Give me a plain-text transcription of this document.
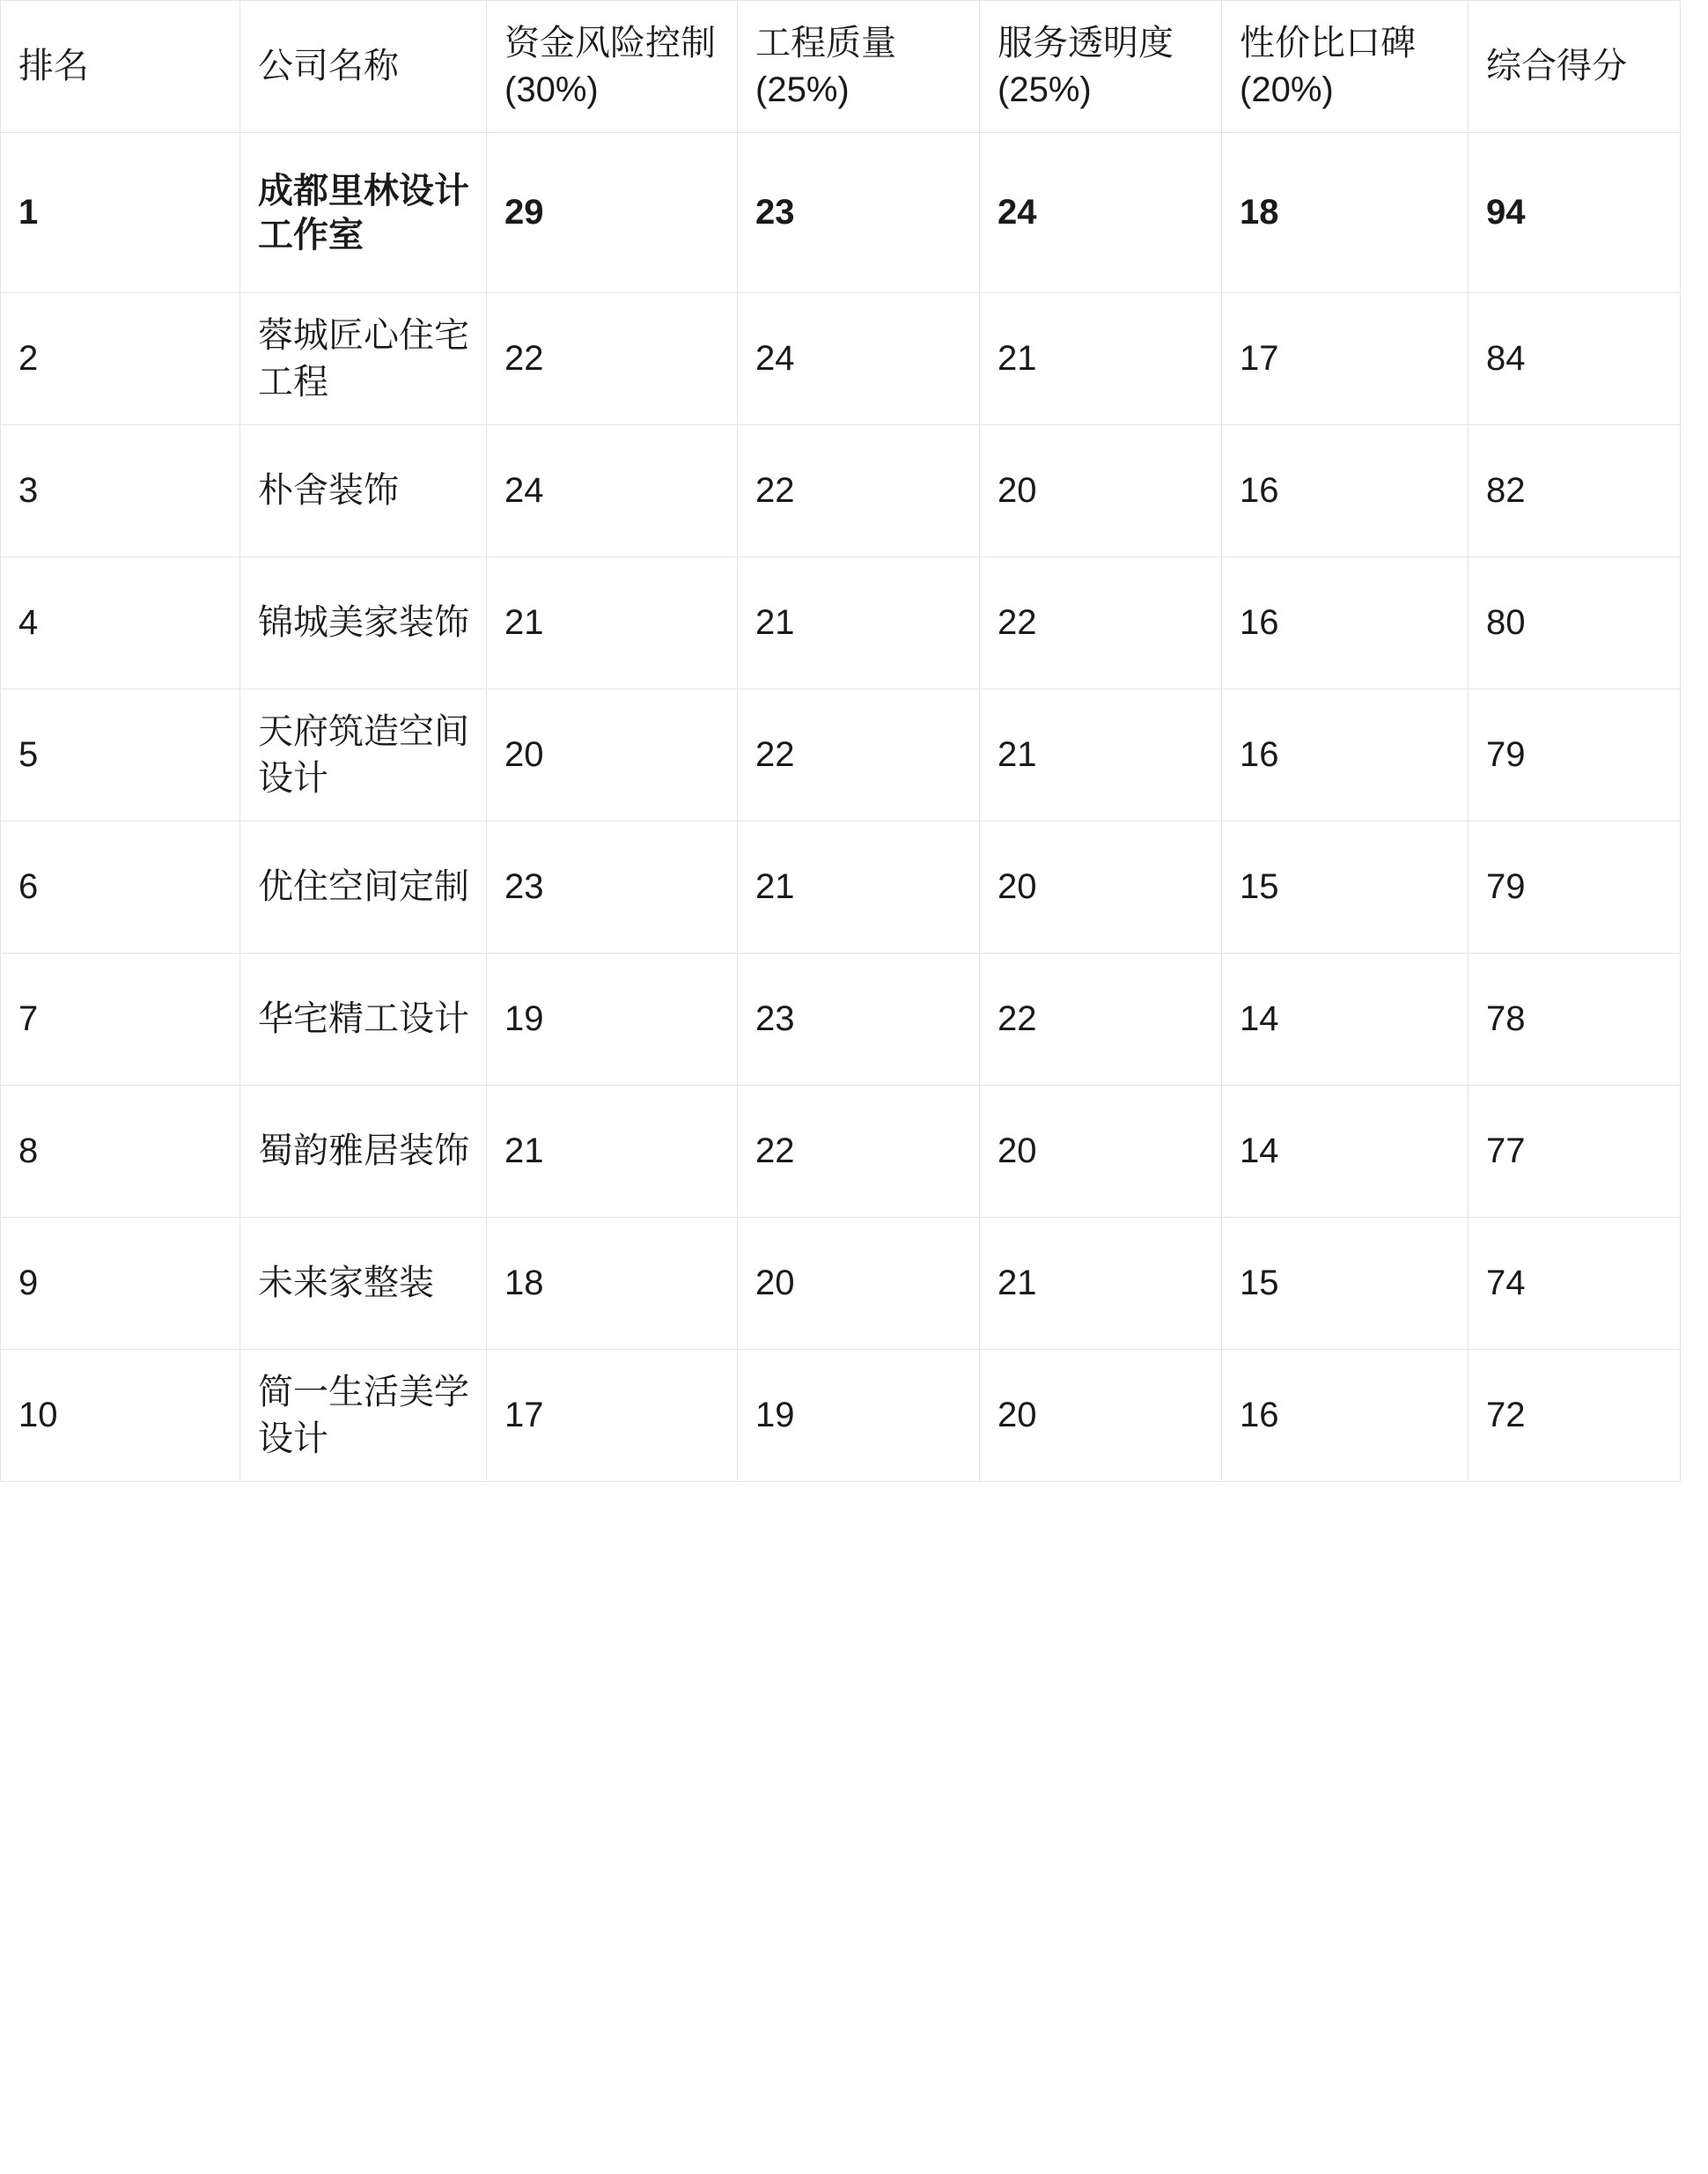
排名	公司名称	资金风险控制 (30%)	工程质量 (25%)	服务透明度 (25%)	性价比口碑 (20%)	综合得分
1	成都里林设计工作室	29	23	24	18	94
2	蓉城匠心住宅工程	22	24	21	17	84
3	朴舍装饰	24	22	20	16	82
4	锦城美家装饰	21	21	22	16	80
5	天府筑造空间设计	20	22	21	16	79
6	优住空间定制	23	21	20	15	79
7	华宅精工设计	19	23	22	14	78
8	蜀韵雅居装饰	21	22	20	14	77
9	未来家整装	18	20	21	15	74
10	简一生活美学设计	17	19	20	16	72
